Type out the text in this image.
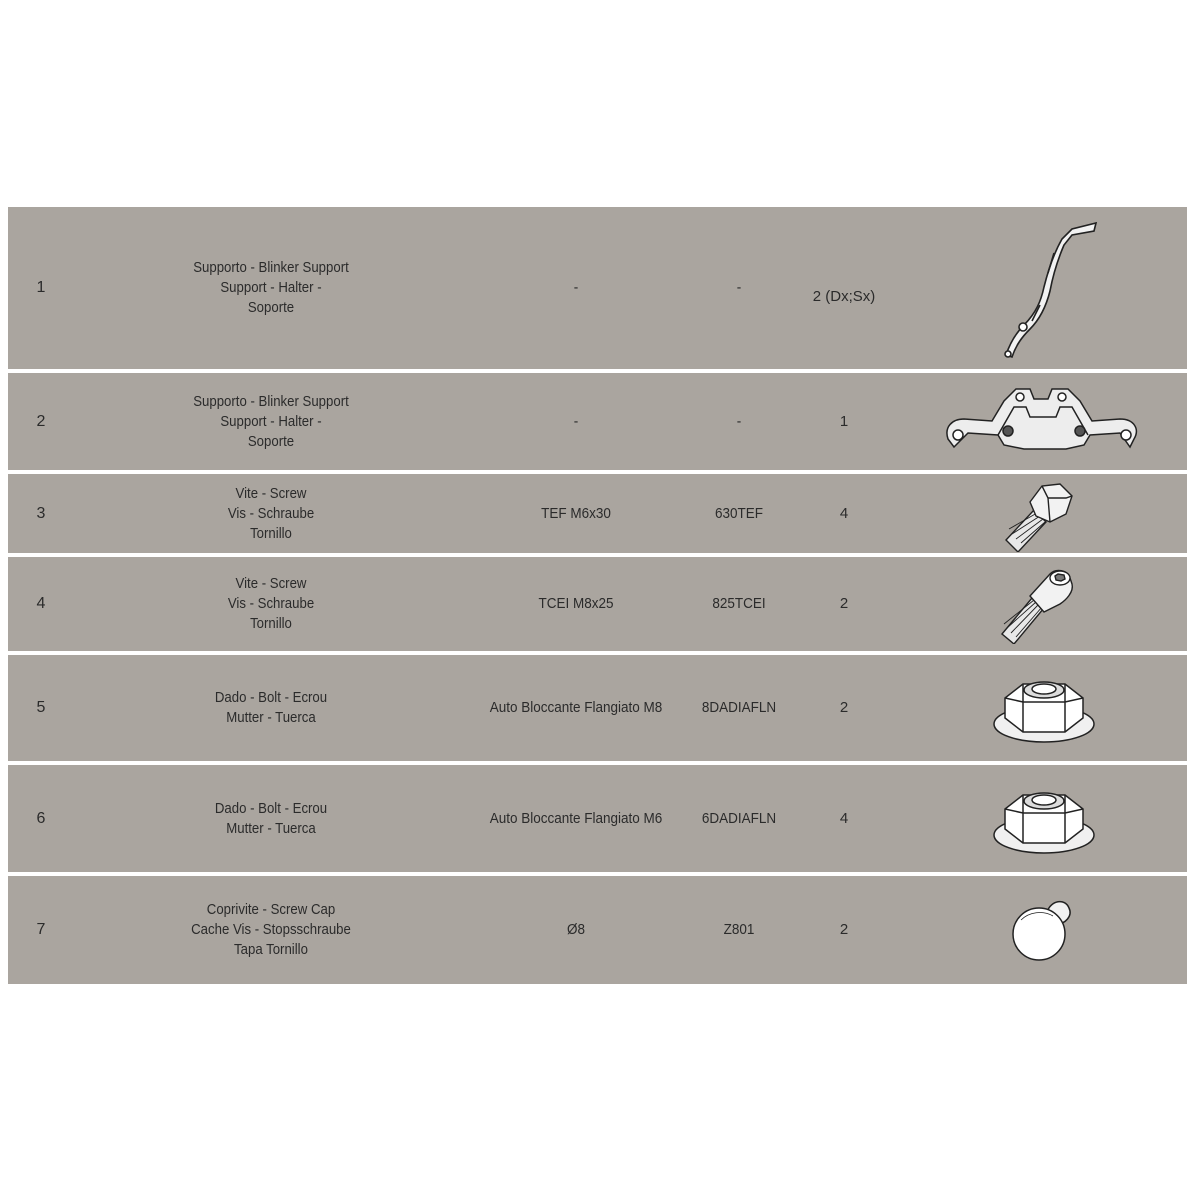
1
Supporto - Blinker Support
Support - Halter -
Soporte
-	-
2 (Dx;Sx)
2
Supporto - Blinker Support
Support - Halter -
Soporte
-	-	1
3
Vite - Screw
Vis - Schraube
Tornillo
TEF M6x30	630TEF	4
4
Vite - Screw
Vis - Schraube
Tornillo
TCEI M8x25	825TCEI	2
5
Dado - Bolt - Ecrou
Mutter - Tuerca
Auto Bloccante Flangiato M8	8DADIAFLN	2
6
Dado - Bolt - Ecrou
Mutter - Tuerca
Auto Bloccante Flangiato M6	6DADIAFLN	4
7
Coprivite - Screw Cap
Cache Vis - Stopsschraube
Tapa Tornillo
Ø8	Z801	2
